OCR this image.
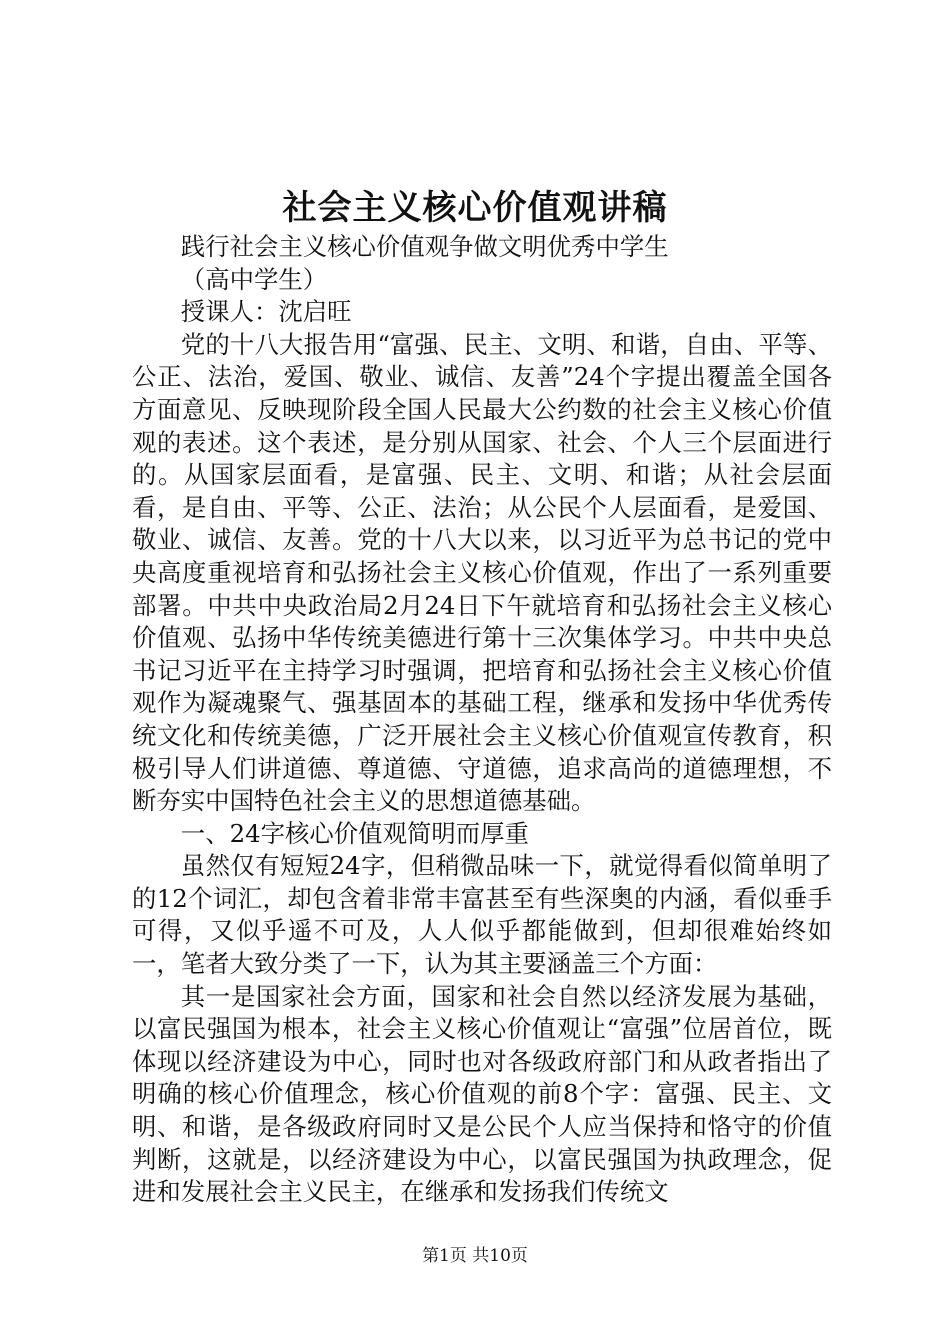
社会主义核心价值观讲稿

践行社会主义核心价值观争做文明优秀中学生

（高中学生）

授课人：沈启旺

党的十八大报告用“富强、民主、文明、和谐，自由、平等、公正、法治，爱国、敬业、诚信、友善”24个字提出覆盖全国各方面意见、反映现阶段全国人民最大公约数的社会主义核心价值观的表述。这个表述，是分别从国家、社会、个人三个层面进行的。从国家层面看，是富强、民主、文明、和谐；从社会层面看，是自由、平等、公正、法治；从公民个人层面看，是爱国、敬业、诚信、友善。党的十八大以来，以习近平为总书记的党中央高度重视培育和弘扬社会主义核心价值观，作出了一系列重要部署。中共中央政治局2月24日下午就培育和弘扬社会主义核心价值观、弘扬中华传统美德进行第十三次集体学习。中共中央总书记习近平在主持学习时强调，把培育和弘扬社会主义核心价值观作为凝魂聚气、强基固本的基础工程，继承和发扬中华优秀传统文化和传统美德，广泛开展社会主义核心价值观宣传教育，积极引导人们讲道德、尊道德、守道德，追求高尚的道德理想，不断夯实中国特色社会主义的思想道德基础。

一、24字核心价值观简明而厚重

虽然仅有短短24字，但稍微品味一下，就觉得看似简单明了的12个词汇，却包含着非常丰富甚至有些深奥的内涵，看似垂手可得，又似乎遥不可及，人人似乎都能做到，但却很难始终如一，笔者大致分类了一下，认为其主要涵盖三个方面：

其一是国家社会方面，国家和社会自然以经济发展为基础，以富民强国为根本，社会主义核心价值观让“富强”位居首位，既体现以经济建设为中心，同时也对各级政府部门和从政者指出了明确的核心价值理念，核心价值观的前8个字：富强、民主、文明、和谐，是各级政府同时又是公民个人应当保持和恪守的价值判断，这就是，以经济建设为中心，以富民强国为执政理念，促进和发展社会主义民主，在继承和发扬我们传统文

第1页 共10页
